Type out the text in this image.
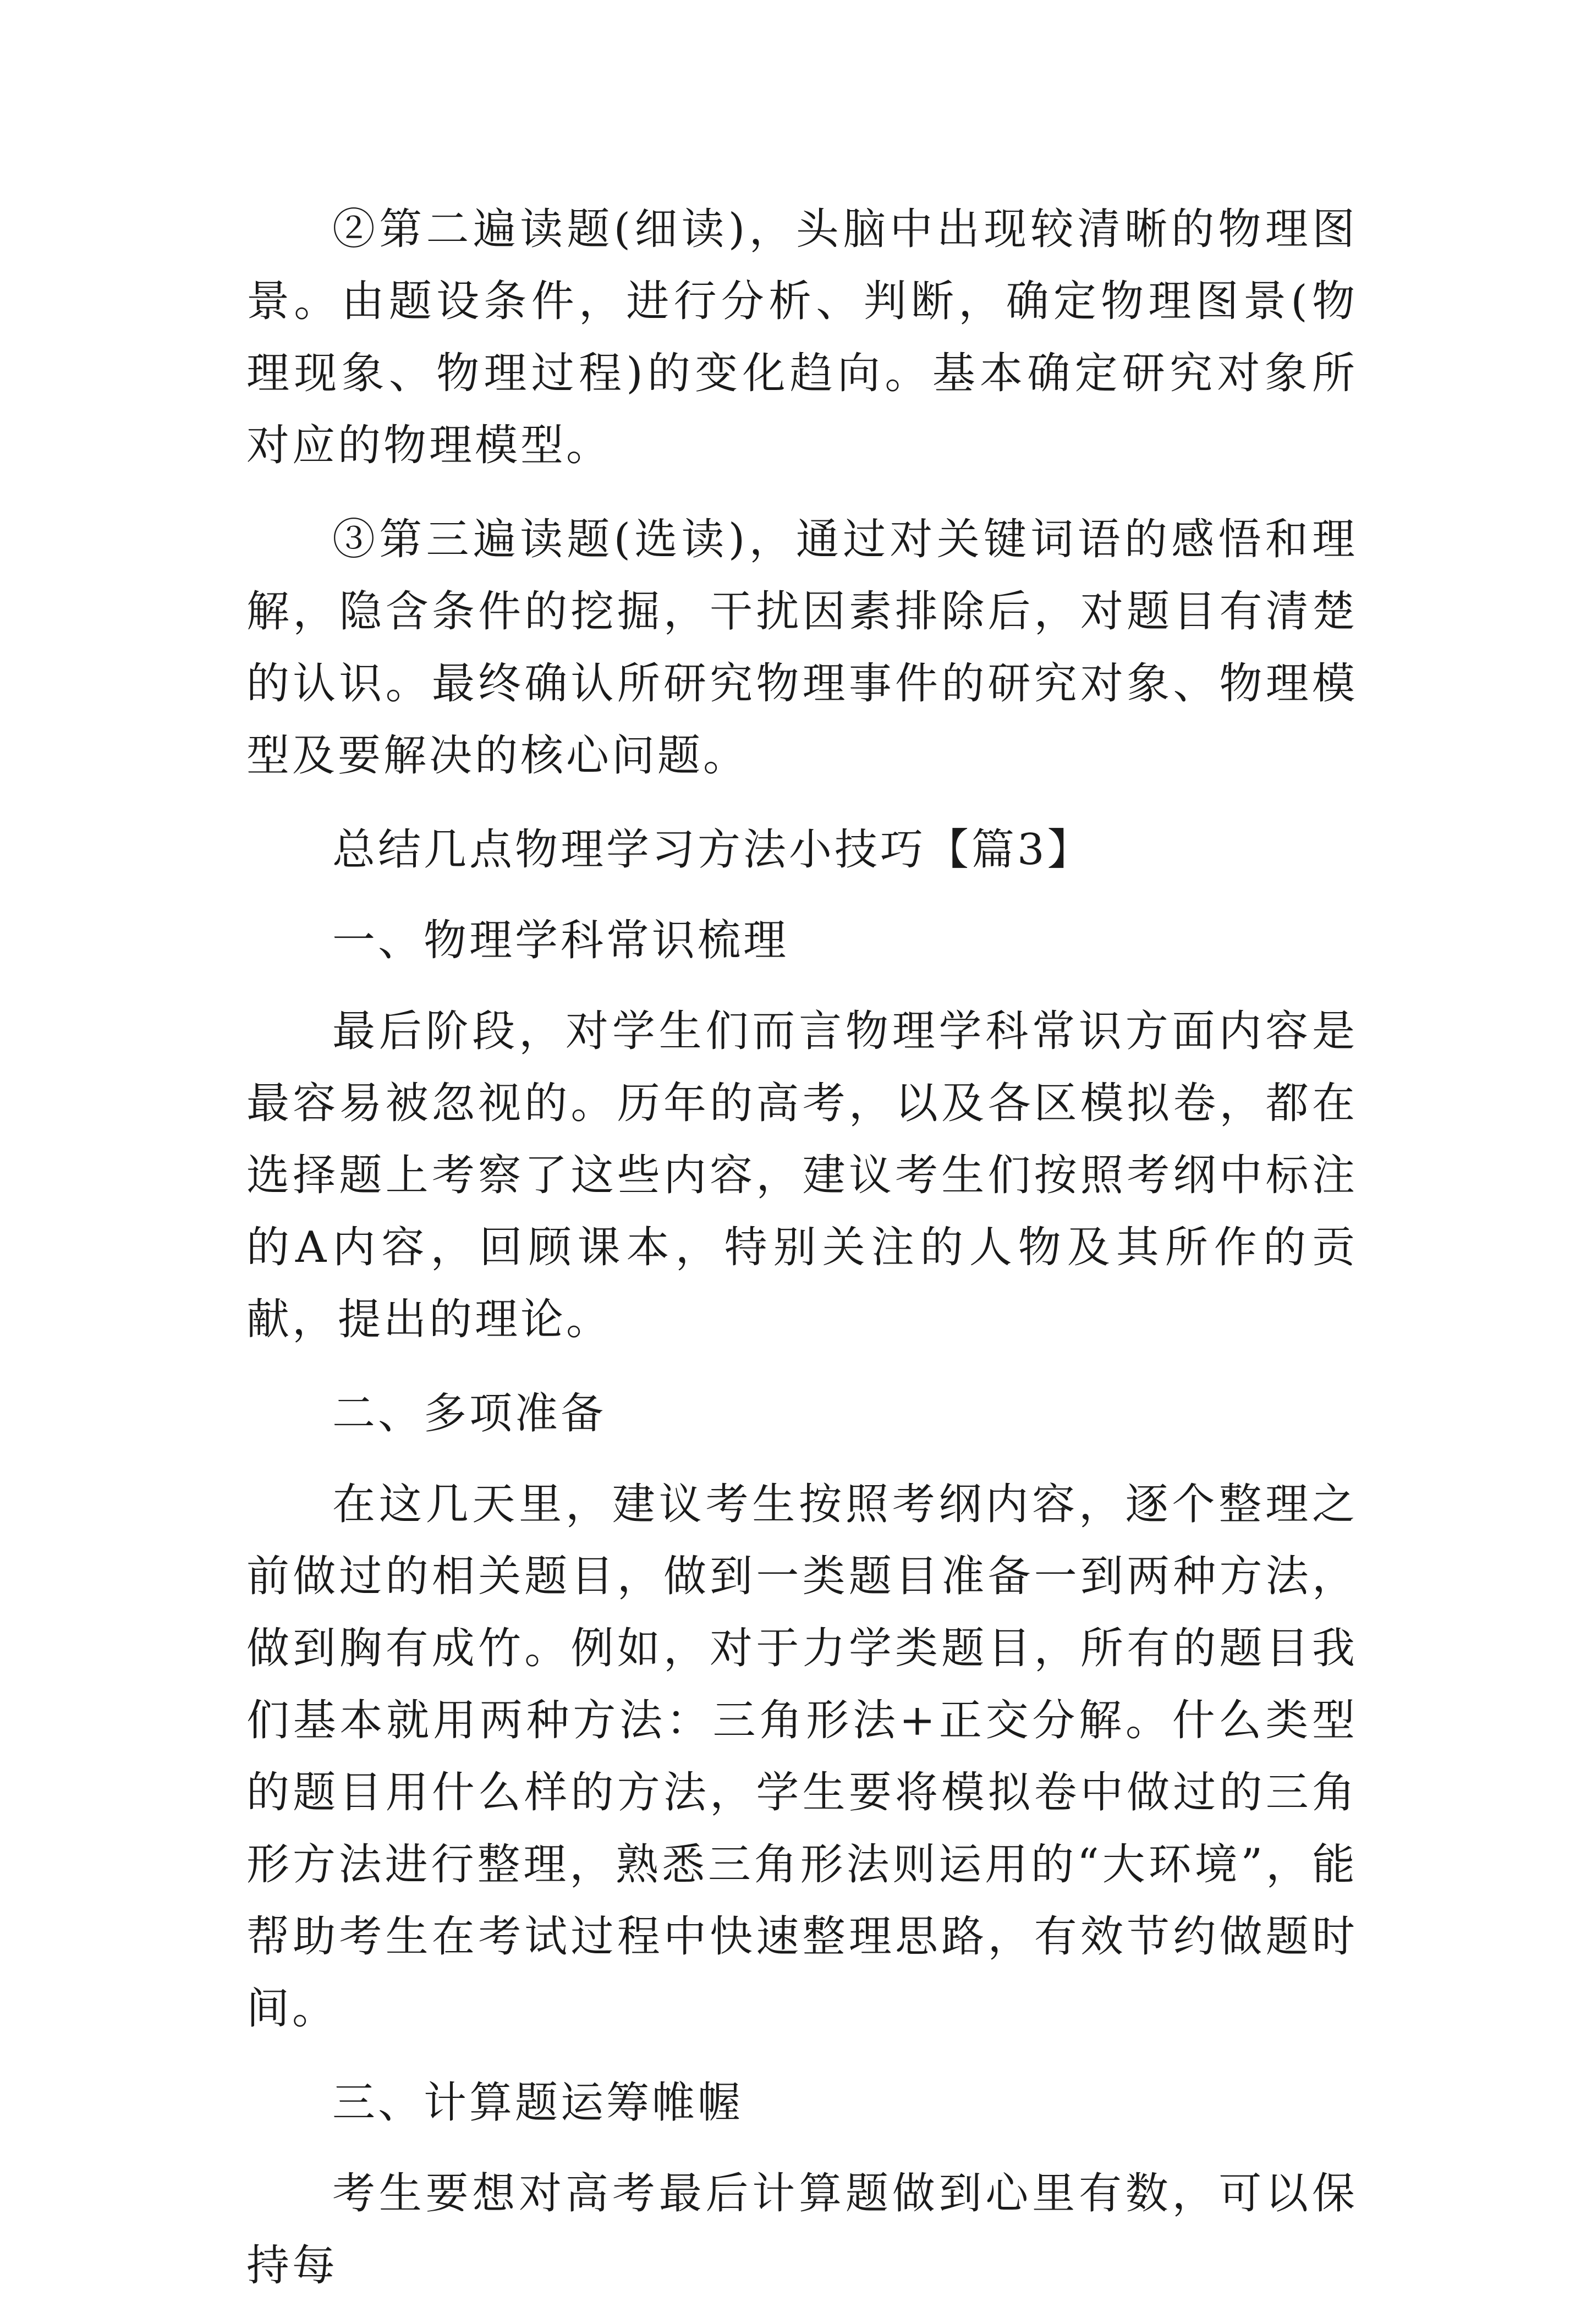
②第二遍读题(细读)，头脑中出现较清晰的物理图景。由题设条件，进行分析、判断，确定物理图景(物理现象、物理过程)的变化趋向。基本确定研究对象所对应的物理模型。

③第三遍读题(选读)，通过对关键词语的感悟和理解，隐含条件的挖掘，干扰因素排除后，对题目有清楚的认识。最终确认所研究物理事件的研究对象、物理模型及要解决的核心问题。

总结几点物理学习方法小技巧【篇3】

一、物理学科常识梳理

最后阶段，对学生们而言物理学科常识方面内容是最容易被忽视的。历年的高考，以及各区模拟卷，都在选择题上考察了这些内容，建议考生们按照考纲中标注的A内容，回顾课本，特别关注的人物及其所作的贡献，提出的理论。

二、多项准备

在这几天里，建议考生按照考纲内容，逐个整理之前做过的相关题目，做到一类题目准备一到两种方法，做到胸有成竹。例如，对于力学类题目，所有的题目我们基本就用两种方法：三角形法+正交分解。什么类型的题目用什么样的方法，学生要将模拟卷中做过的三角形方法进行整理，熟悉三角形法则运用的“大环境”，能帮助考生在考试过程中快速整理思路，有效节约做题时间。

三、计算题运筹帷幄

考生要想对高考最后计算题做到心里有数，可以保持每
